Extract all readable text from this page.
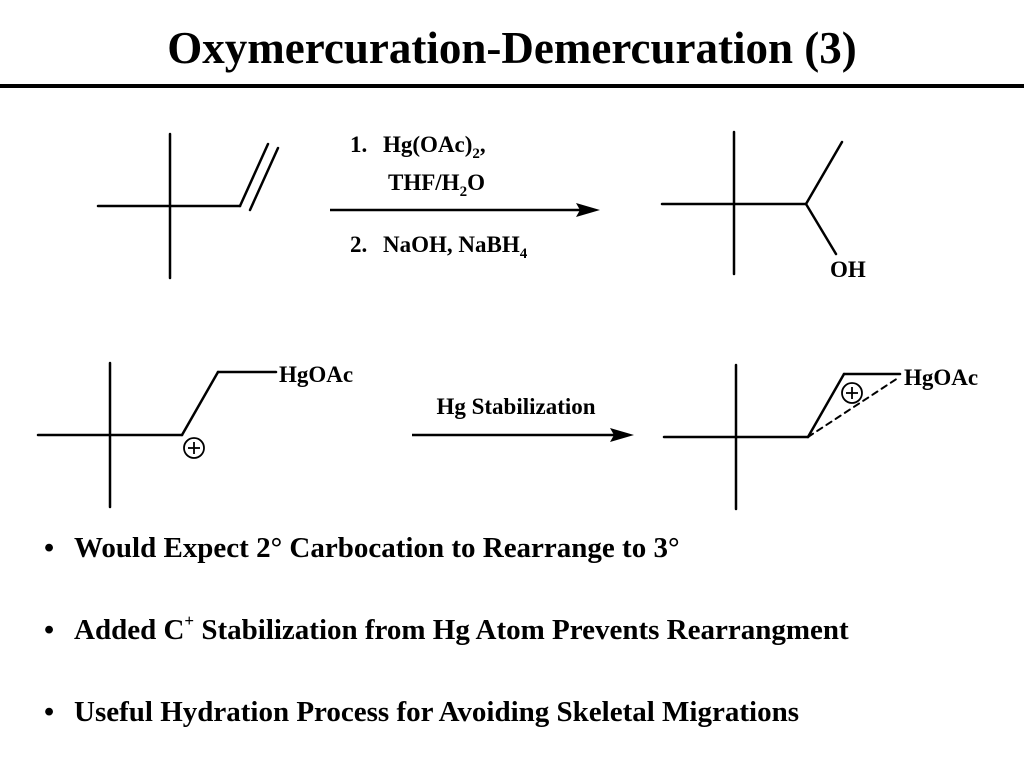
Oxymercuration-Demercuration (3)
1. $Hg(OAc)_2$,
THF/$H_2O$
2. NaOH, NaBH$_4$
OH
HgOAc
Hg Stabilization
HgOAc
• Would Expect 2° Carbocation to Rearrange to 3°
• Added C+ Stabilization from Hg Atom Prevents Rearrangment
• Useful Hydration Process for Avoiding Skeletal Migrations
